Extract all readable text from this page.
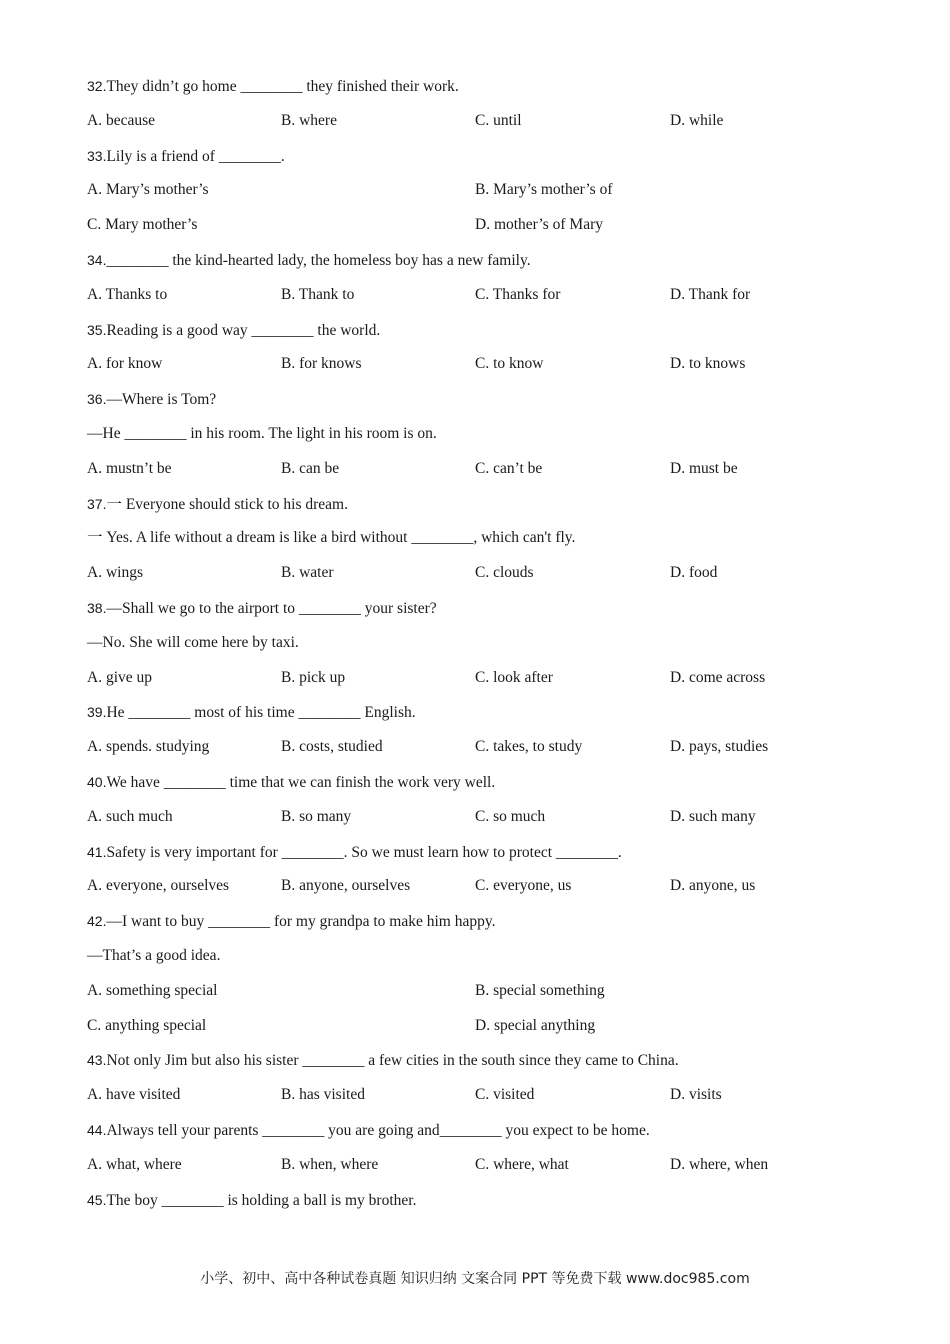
32.They didn’t go home ________ they finished their work.
A. because	B. where	C. until	D. while
33.Lily is a friend of ________.
A. Mary’s mother’s	B. Mary’s mother’s of
C. Mary mother’s	D. mother’s of Mary
34.________ the kind-hearted lady, the homeless boy has a new family.
A. Thanks to	B. Thank to	C. Thanks for	D. Thank for
35.Reading is a good way ________ the world.
A. for know	B. for knows	C. to know	D. to knows
36.—Where is Tom?
—He ________ in his room. The light in his room is on.
A. mustn’t be	B. can be	C. can’t be	D. must be
37.一 Everyone should stick to his dream.
一 Yes. A life without a dream is like a bird without ________, which can't fly.
A. wings	B. water	C. clouds	D. food
38.—Shall we go to the airport to ________ your sister?
—No. She will come here by taxi.
A. give up	B. pick up	C. look after	D. come across
39.He ________ most of his time ________ English.
A. spends. studying	B. costs, studied	C. takes, to study	D. pays, studies
40.We have ________ time that we can finish the work very well.
A. such much	B. so many	C. so much	D. such many
41.Safety is very important for ________. So we must learn how to protect ________.
A. everyone, ourselves	B. anyone, ourselves	C. everyone, us	D. anyone, us
42.—I want to buy ________ for my grandpa to make him happy.
—That’s a good idea.
A. something special	B. special something
C. anything special	D. special anything
43.Not only Jim but also his sister ________ a few cities in the south since they came to China.
A. have visited	B. has visited	C. visited	D. visits
44.Always tell your parents ________ you are going and________ you expect to be home.
A. what, where	B. when, where	C. where, what	D. where, when
45.The boy ________ is holding a ball is my brother.
小学、初中、高中各种试卷真题 知识归纳 文案合同 PPT 等免费下载 www.doc985.com
